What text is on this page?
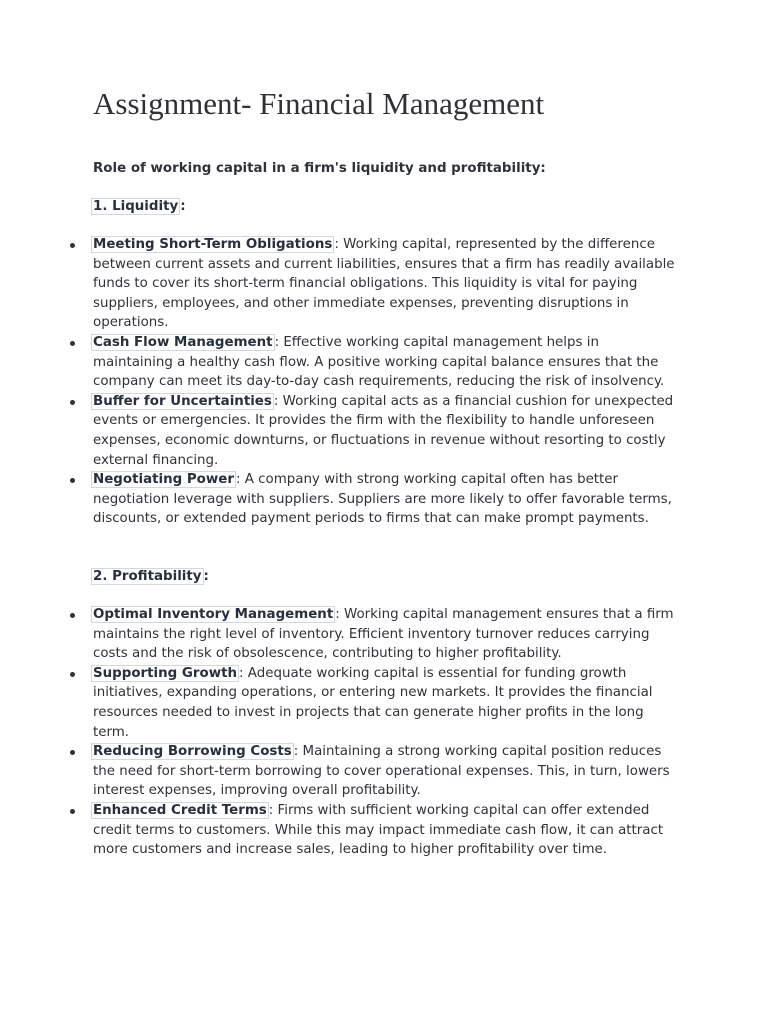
Assignment- Financial Management

Role of working capital in a firm's liquidity and profitability:

1. Liquidity :

Meeting Short-Term Obligations : Working capital, represented by the difference between current assets and current liabilities, ensures that a firm has readily available funds to cover its short-term financial obligations. This liquidity is vital for paying suppliers, employees, and other immediate expenses, preventing disruptions in operations.
Cash Flow Management : Effective working capital management helps in maintaining a healthy cash flow. A positive working capital balance ensures that the company can meet its day-to-day cash requirements, reducing the risk of insolvency.
Buffer for Uncertainties : Working capital acts as a financial cushion for unexpected events or emergencies. It provides the firm with the flexibility to handle unforeseen expenses, economic downturns, or fluctuations in revenue without resorting to costly external financing.
Negotiating Power : A company with strong working capital often has better negotiation leverage with suppliers. Suppliers are more likely to offer favorable terms, discounts, or extended payment periods to firms that can make prompt payments.

2. Profitability :

Optimal Inventory Management : Working capital management ensures that a firm maintains the right level of inventory. Efficient inventory turnover reduces carrying costs and the risk of obsolescence, contributing to higher profitability.
Supporting Growth : Adequate working capital is essential for funding growth initiatives, expanding operations, or entering new markets. It provides the financial resources needed to invest in projects that can generate higher profits in the long term.
Reducing Borrowing Costs : Maintaining a strong working capital position reduces the need for short-term borrowing to cover operational expenses. This, in turn, lowers interest expenses, improving overall profitability.
Enhanced Credit Terms : Firms with sufficient working capital can offer extended credit terms to customers. While this may impact immediate cash flow, it can attract more customers and increase sales, leading to higher profitability over time.
